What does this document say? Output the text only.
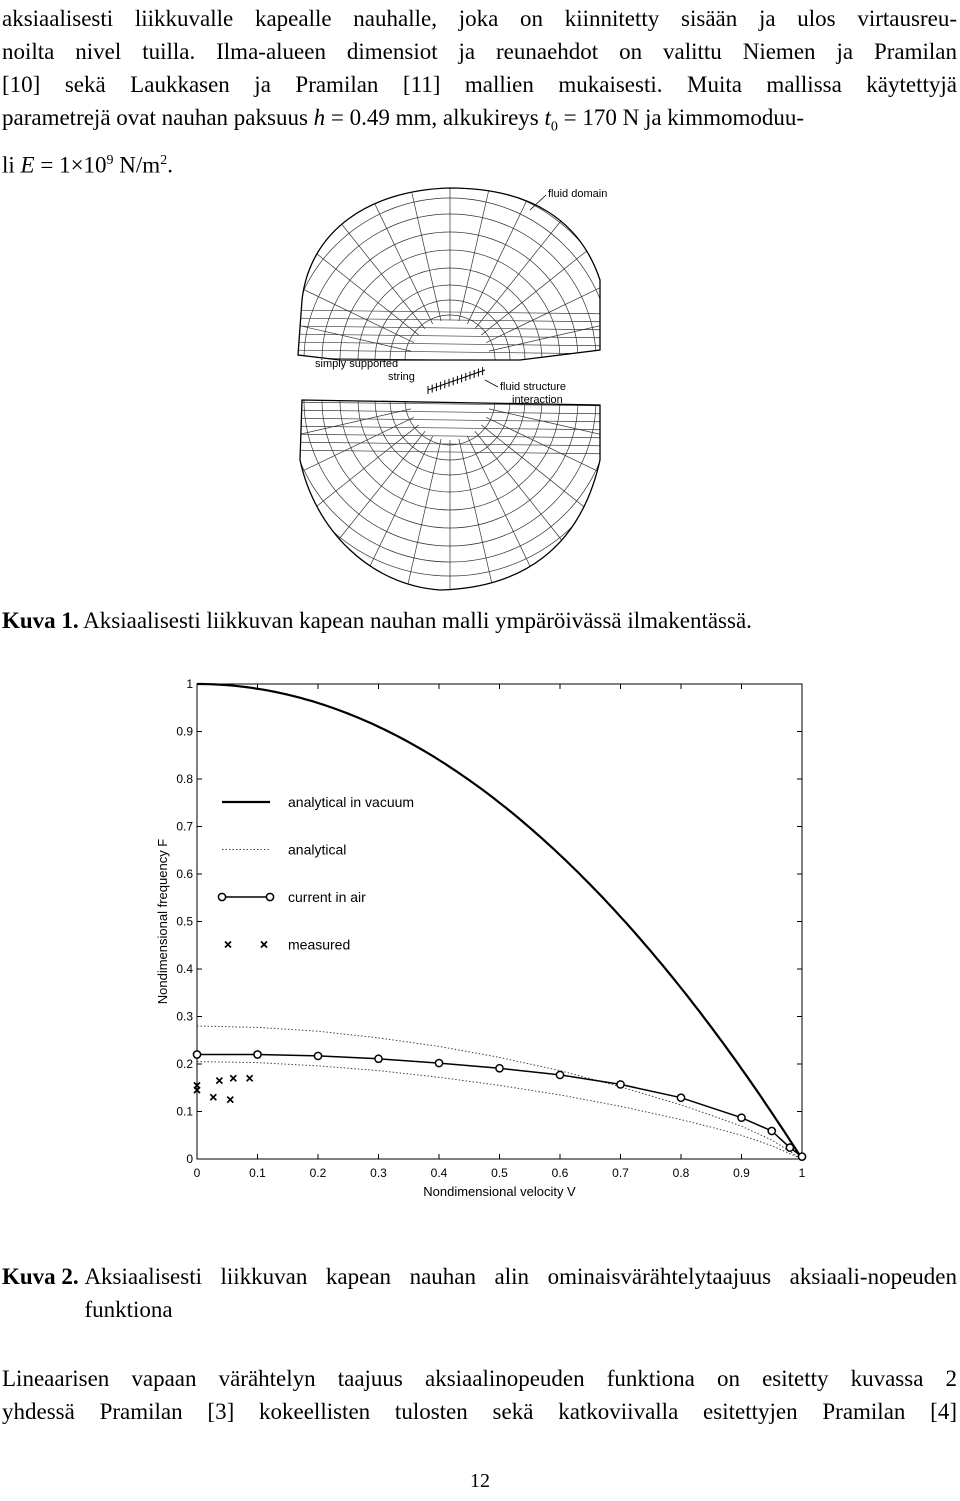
aksiaalisesti liikkuvalle kapealle nauhalle, joka on kiinnitetty sisään ja ulos virtausreu-
noilta nivel tuilla. Ilma-alueen dimensiot ja reunaehdot on valittu Niemen ja Pramilan
[10] sekä Laukkasen ja Pramilan [11] mallien mukaisesti. Muita mallissa käytettyjä
parametrejä ovat nauhan paksuus h = 0.49 mm, alkukireys $t_0 = 170$ N ja kimmomoduu-
li $E = 1\times 10^9$ $N/m^2$.
fluid domain
simply supported
string
fluid structure
interaction

Kuva 1. Aksiaalisesti liikkuvan kapean nauhan malli ympäröivässä ilmakentässä.

0	0.1	0.2	0.3	0.4	0.5	0.6	0.7	0.8	0.9	1
0
0.1
0.2
0.3
0.4
0.5
0.6
0.7
0.8
0.9
1
analytical in vacuum
analytical
current in air
measured
Nondimensional velocity V
Nondimensional frequency F
Kuva 2. Aksiaalisesti liikkuvan kapean nauhan alin ominaisvärähtelytaajuus aksiaali-nopeuden funktiona
Lineaarisen vapaan värähtelyn taajuus aksiaalinopeuden funktiona on esitetty kuvassa 2
yhdessä Pramilan [3] kokeellisten tulosten sekä katkoviivalla esitettyjen Pramilan [4]
12
